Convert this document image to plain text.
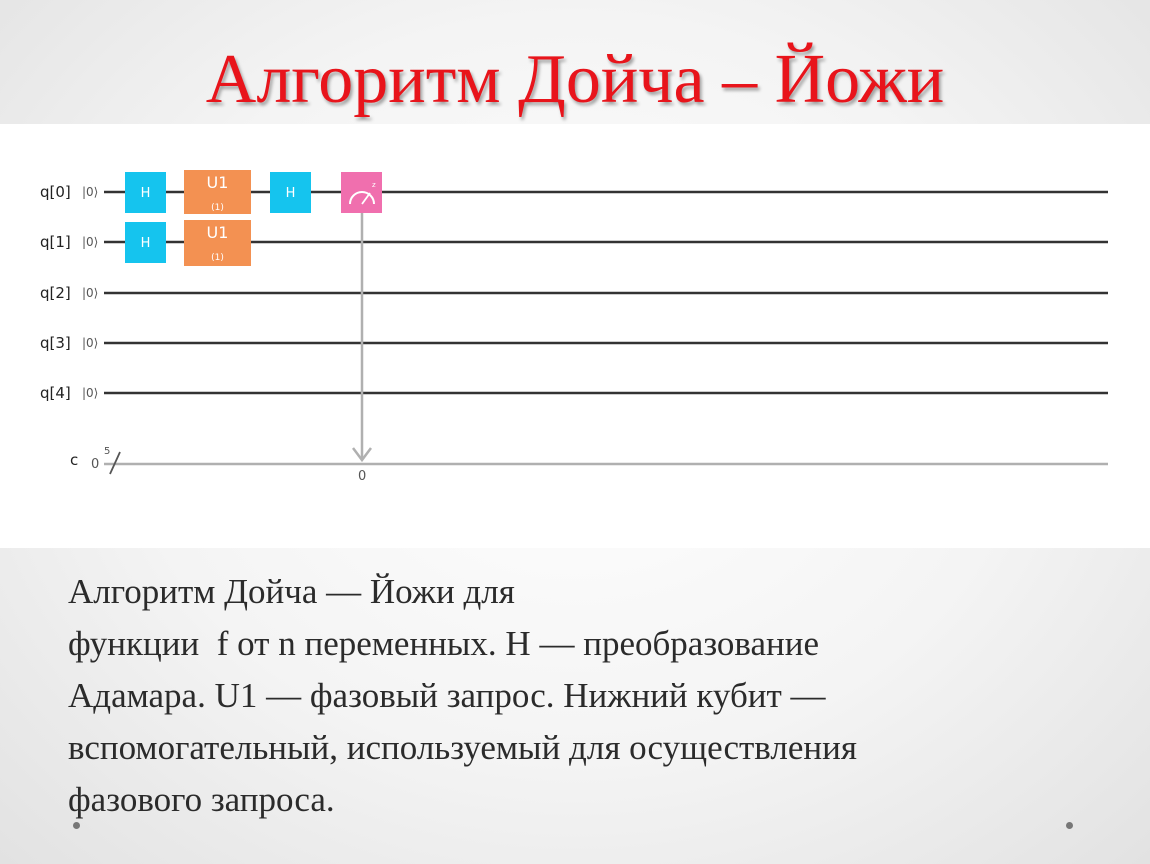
Алгоритм Дойча – Йожи
q[0] |0⟩
q[1] |0⟩
q[2] |0⟩
q[3] |0⟩
q[4] |0⟩
c 0
5
H
H
U1
(1)
U1
(1)
H
z
0
Алгоритм Дойча — Йожи для
функции  f от n переменных. H — преобразование
Адамара. U1 — фазовый запрос. Нижний кубит —
вспомогательный, используемый для осуществления
фазового запроса.
